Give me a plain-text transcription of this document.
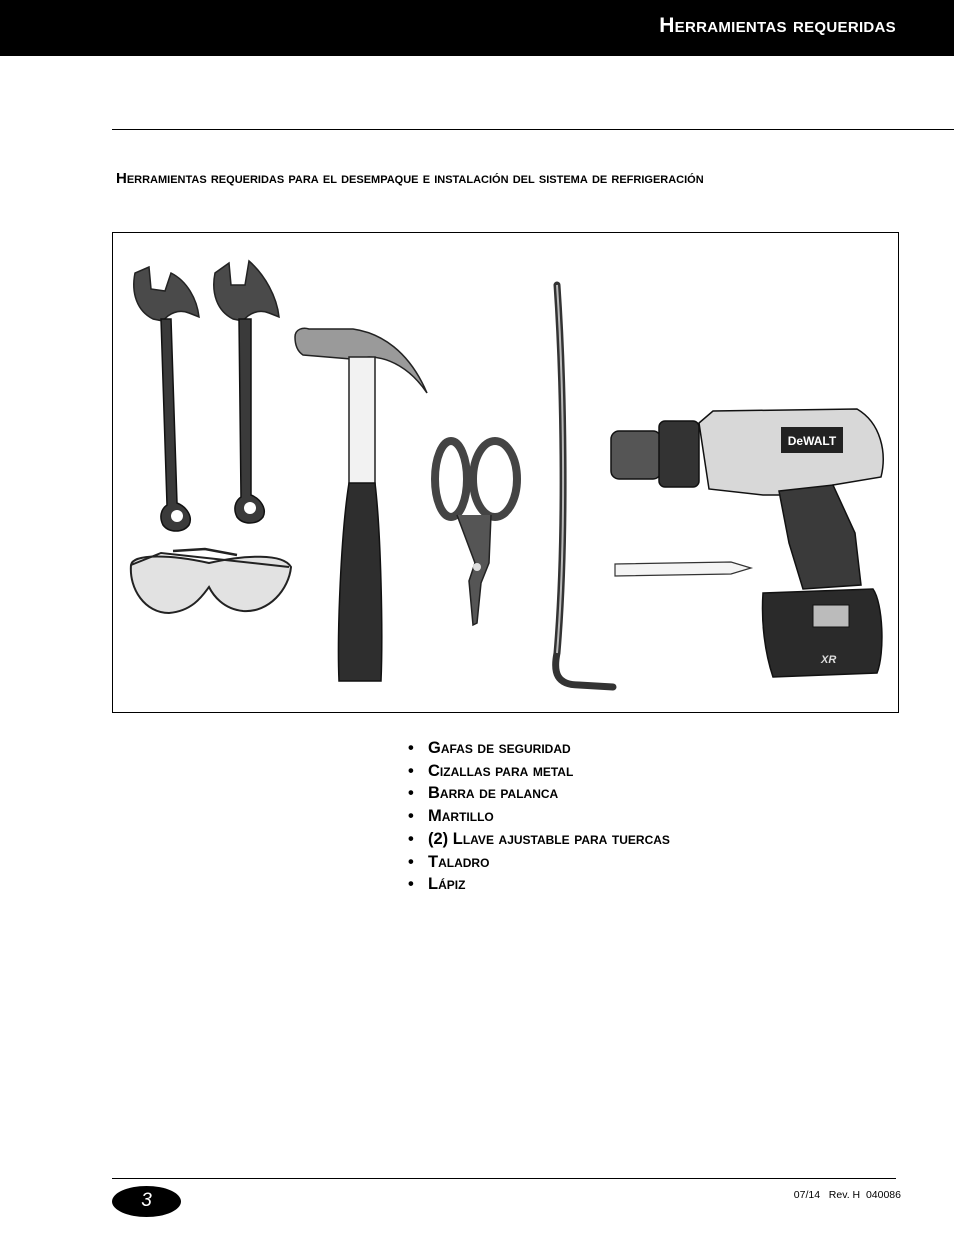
Herramientas requeridas
Herramientas requeridas para el desempaque e instalación del sistema de refrigeración
DeWALT
XR
• Gafas de seguridad
• Cizallas para metal
• Barra de palanca
• Martillo
• (2) Llave ajustable para tuercas
• Taladro
• Lápiz
3	07/14   Rev. H  040086
